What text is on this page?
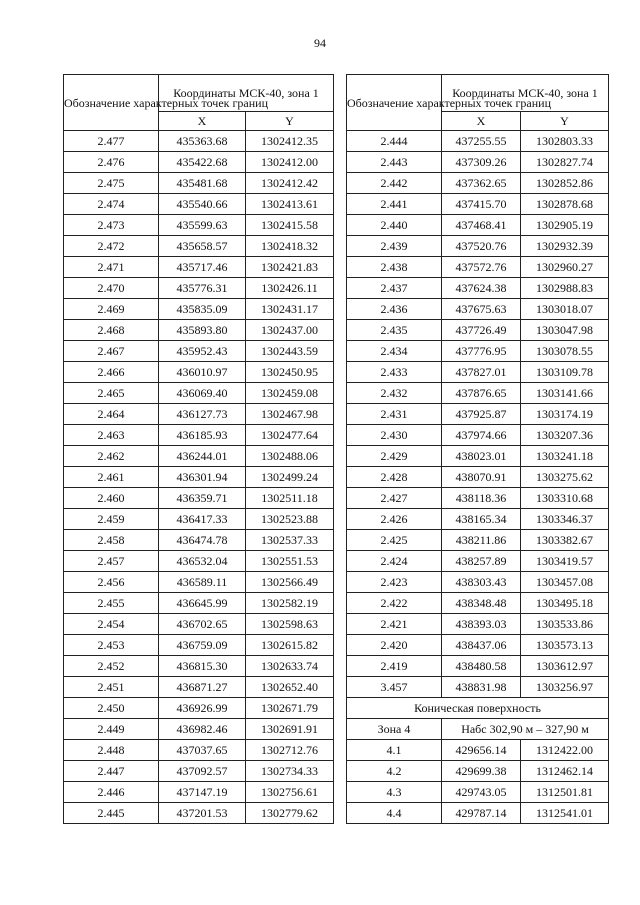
94
Обозначение характерных точек границ	Координаты МСК-40, зона 1	
	X	Y
2.477	435363.68	1302412.35
2.476	435422.68	1302412.00
2.475	435481.68	1302412.42
2.474	435540.66	1302413.61
2.473	435599.63	1302415.58
2.472	435658.57	1302418.32
2.471	435717.46	1302421.83
2.470	435776.31	1302426.11
2.469	435835.09	1302431.17
2.468	435893.80	1302437.00
2.467	435952.43	1302443.59
2.466	436010.97	1302450.95
2.465	436069.40	1302459.08
2.464	436127.73	1302467.98
2.463	436185.93	1302477.64
2.462	436244.01	1302488.06
2.461	436301.94	1302499.24
2.460	436359.71	1302511.18
2.459	436417.33	1302523.88
2.458	436474.78	1302537.33
2.457	436532.04	1302551.53
2.456	436589.11	1302566.49
2.455	436645.99	1302582.19
2.454	436702.65	1302598.63
2.453	436759.09	1302615.82
2.452	436815.30	1302633.74
2.451	436871.27	1302652.40
2.450	436926.99	1302671.79
2.449	436982.46	1302691.91
2.448	437037.65	1302712.76
2.447	437092.57	1302734.33
2.446	437147.19	1302756.61
2.445	437201.53	1302779.62
Обозначение характерных точек границ	Координаты МСК-40, зона 1	
	X	Y
2.444	437255.55	1302803.33
2.443	437309.26	1302827.74
2.442	437362.65	1302852.86
2.441	437415.70	1302878.68
2.440	437468.41	1302905.19
2.439	437520.76	1302932.39
2.438	437572.76	1302960.27
2.437	437624.38	1302988.83
2.436	437675.63	1303018.07
2.435	437726.49	1303047.98
2.434	437776.95	1303078.55
2.433	437827.01	1303109.78
2.432	437876.65	1303141.66
2.431	437925.87	1303174.19
2.430	437974.66	1303207.36
2.429	438023.01	1303241.18
2.428	438070.91	1303275.62
2.427	438118.36	1303310.68
2.426	438165.34	1303346.37
2.425	438211.86	1303382.67
2.424	438257.89	1303419.57
2.423	438303.43	1303457.08
2.422	438348.48	1303495.18
2.421	438393.03	1303533.86
2.420	438437.06	1303573.13
2.419	438480.58	1303612.97
3.457	438831.98	1303256.97
Коническая поверхность		
Зона 4	Набс 302,90 м – 327,90 м	
4.1	429656.14	1312422.00
4.2	429699.38	1312462.14
4.3	429743.05	1312501.81
4.4	429787.14	1312541.01
